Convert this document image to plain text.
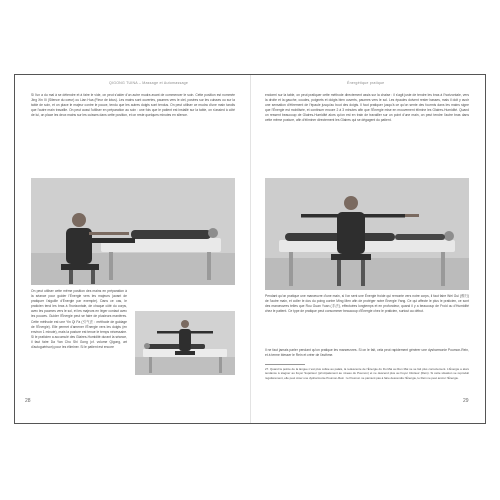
QIGONG TUINA – Massage et Automassage

Si l'un a du mal à se détendre et à faire le vide, on peut s'aider d'un autre mudra avant de commencer le soin. Cette position est nommée Jing Xin Xi (Silence du cœur) ou Lian Hua (Fleur de lotus). Les mains sont ouvertes, paumes vers le ciel, posées sur les cuisses ou sur la table de soin, et on place le majeur contre le pouce, tendu que les autres doigts sont tendus. On peut utiliser ce mudra d'une main tandis que l'autre main travaille. On peut aussi l'utiliser en préparation au soin : une fois que le patient est installé sur la table, on s'assied à côté de lui, on place les deux mains sur les cuisses dans cette position, et on reste quelques minutes en silence.

On peut utiliser cette même position des mains en préparation à la séance pour guider l'Énergie vers les majeurs (avant de pratiquer l'aiguille d'Énergie par exemple). Dans ce cas, le praticien tend les bras à l'horizontale, de chaque côté du corps, avec les paumes vers le sol, et les majeurs en léger contact avec les pouces. Guider l'Énergie peut se faire de plusieurs manières. Cette méthode est une Yin Qi Fa (引气法 : méthode de guidage de l'Énergie). Elle permet d'amener l'Énergie vers les doigts (en environ 1 minute), mais la posture est tenue le temps nécessaire. Si le praticien a accumulé des Glaires-Humidité durant la séance, il faut faire Da Yan Chu Shi Gong (cf. volume Qigong, art d'autoguérison) pour les éliminer. Si le patient est encore

28
Énergétique pratique

endormi sur la table, on peut pratiquer cette méthode directement assis sur la chaise : il s'agit juste de tendre les bras à l'horizontale, vers la droite et la gauche, coudes, poignets et doigts bien ouverts, paumes vers le sol. Les épaules doivent rester basses, mais il doit y avoir une sensation d'étirement de l'épaule jusqu'au bout des doigts. Il faut pratiquer jusqu'à ce qu'on sente des fourmis dans les mains signe que l'Énergie est mobilisée, et continuer encore 2 à 3 minutes afin que l'Énergie mise en mouvement élimine les Glaires-Humidité. Quand on ressent beaucoup de Glaires-Humidité alors qu'on est en train de travailler sur un point d'une main, on peut tendre l'autre bras dans cette même posture, afin d'éliminer directement les Glaires qui se dégagent du patient.

Pendant qu'on pratique une manœuvre d'une main, si l'on sent une Énergie froide qui remonte vers notre corps, il faut faire Wei Gui (维归) de l'autre main, et coller le dos du poing contre Ming Men afin de protéger notre Énergie Yang. Ce qui affecte le plus le praticien, ce sont des manœuvres telles que Rou Guan Yuan (手法), effectuées longtemps et en profondeur, quand il y a beaucoup de Froid ou d'Humidité chez le patient. Ce type de pratique peut consommer beaucoup d'Énergie chez le praticien, surtout au début.

Il ne faut jamais parler pendant qu'on pratique les manœuvres. Si on le fait, cela peut rapidement générer une dysharmonie Poumon-Rein, et à terme blesser le Rein et créer de l'asthme.

27. Quand la pointe de la langue n'est plus collée au palais, la redescente de l'Énergie du Du Mai au Ren Mai ne se fait plus correctement. L'Énergie a alors tendance à stagner au Foyer Supérieur (principalement au niveau du Poumon) et ne descend plus au Foyer Inférieur (Rein). Si cette situation se reproduit régulièrement, elle peut créer une dysharmonie Poumon-Rein : le Poumon ne parvient pas à faire descendre l'Énergie, le Rein ne peut ancrer l'Énergie.

29
